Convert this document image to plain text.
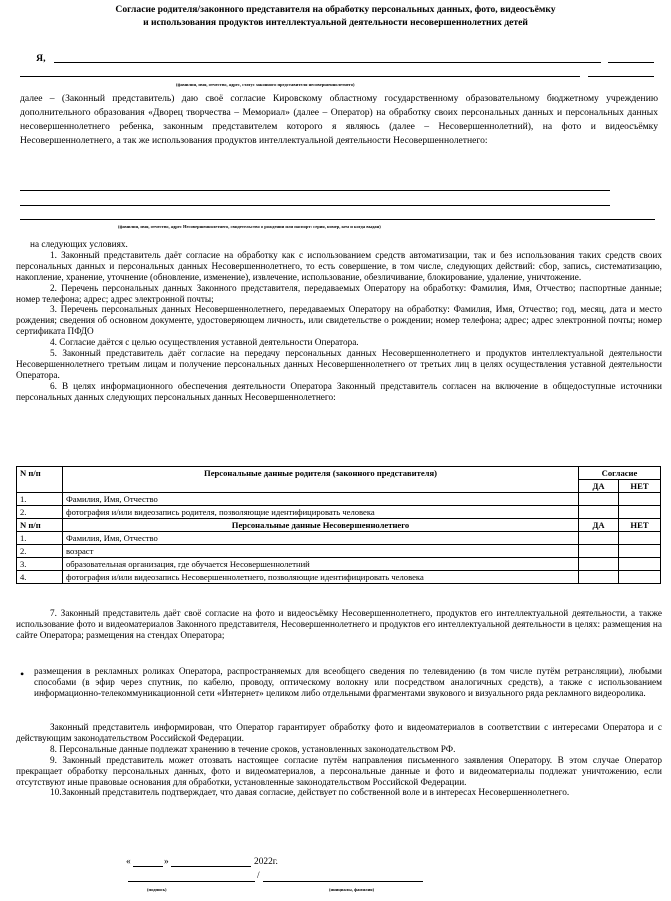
Согласие родителя/законного представителя на обработку персональных данных, фото, видеосъёмку
и использования продуктов интеллектуальной деятельности несовершеннолетних детей
Я,
(фамилия, имя, отчество, адрес, статус законного представителя несовершеннолетнего)

далее – (Законный представитель) даю своё согласие Кировскому областному государственному образовательному бюджетному учреждению дополнительного образования «Дворец творчества – Мемориал» (далее – Оператор) на обработку своих персональных данных и персональных данных несовершеннолетнего ребенка, законным представителем которого я являюсь (далее – Несовершеннолетний), на фото и видеосъёмку Несовершеннолетнего, а так же использования продуктов интеллектуальной деятельности Несовершеннолетнего:

(фамилия, имя, отчество, адрес Несовершеннолетнего, свидетельство о рождении или паспорт: серия, номер, кем и когда выдан)

на следующих условиях.

1. Законный представитель даёт согласие на обработку как с использованием средств автоматизации, так и без использования таких средств своих персональных данных и персональных данных Несовершеннолетнего, то есть совершение, в том числе, следующих действий: сбор, запись, систематизацию, накопление, хранение, уточнение (обновление, изменение), извлечение, использование, обезличивание, блокирование, удаление, уничтожение.

2. Перечень персональных данных Законного представителя, передаваемых Оператору на обработку: Фамилия, Имя, Отчество; паспортные данные; номер телефона; адрес; адрес электронной почты;

3. Перечень персональных данных Несовершеннолетнего, передаваемых Оператору на обработку: Фамилия, Имя, Отчество; год, месяц, дата и место рождения; сведения об основном документе, удостоверяющем личность, или свидетельстве о рождении; номер телефона; адрес; адрес электронной почты; номер сертификата ПФДО

4. Согласие даётся с целью осуществления уставной деятельности Оператора.

5. Законный представитель даёт согласие на передачу персональных данных Несовершеннолетнего и продуктов интеллектуальной деятельности Несовершеннолетнего третьим лицам и получение персональных данных Несовершеннолетнего от третьих лиц в целях осуществления уставной деятельности Оператора.

6. В целях информационного обеспечения деятельности Оператора Законный представитель согласен на включение в общедоступные источники персональных данных следующих персональных данных Несовершеннолетнего:

N п/п	Персональные данные родителя (законного представителя)	Согласие	
		ДА	НЕТ
1.	Фамилия, Имя, Отчество		
2.	фотография и/или видеозапись родителя, позволяющие идентифицировать человека		
N п/п	Персональные данные Несовершеннолетнего	ДА	НЕТ
1.	Фамилия, Имя, Отчество		
2.	возраст		
3.	образовательная организация, где обучается Несовершеннолетний		
4.	фотография и/или видеозапись Несовершеннолетнего, позволяющие идентифицировать человека		

7. Законный представитель даёт своё согласие на фото и видеосъёмку Несовершеннолетнего, продуктов его интеллектуальной деятельности, а также использование фото и видеоматериалов Законного представителя, Несовершеннолетнего и продуктов его интеллектуальной деятельности в целях: размещения на сайте Оператора; размещения на стендах Оператора;

• размещения в рекламных роликах Оператора, распространяемых для всеобщего сведения по телевидению (в том числе путём ретрансляции), любыми способами (в эфир через спутник, по кабелю, проводу, оптическому волокну или посредством аналогичных средств), а также с использованием информационно-телекоммуникационной сети «Интернет» целиком либо отдельными фрагментами звукового и визуального ряда рекламного видеоролика.

Законный представитель информирован, что Оператор гарантирует обработку фото и видеоматериалов в соответствии с интересами Оператора и с действующим законодательством Российской Федерации.

8. Персональные данные подлежат хранению в течение сроков, установленных законодательством РФ.

9. Законный представитель может отозвать настоящее согласие путём направления письменного заявления Оператору. В этом случае Оператор прекращает обработку персональных данных, фото и видеоматериалов, а персональные данные и фото и видеоматериалы подлежат уничтожению, если отсутствуют иные правовые основания для обработки, установленные законодательством Российской Федерации.

10.Законный представитель подтверждает, что давая согласие, действует по собственной воле и в интересах Несовершеннолетнего.

«	»	2022г.
/
(подпись)	(инициалы, фамилия)
